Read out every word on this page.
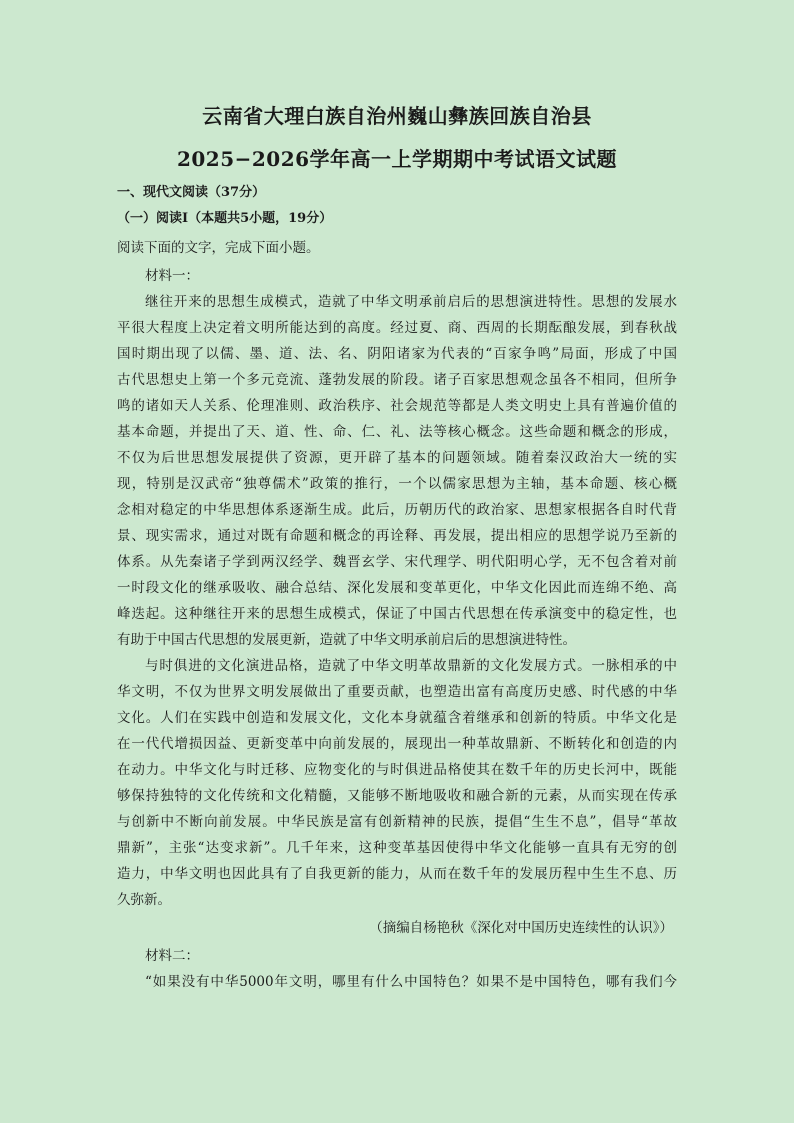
云南省大理白族自治州巍山彝族回族自治县
2025−2026学年高一上学期期中考试语文试题
一、现代文阅读（37分）
（一）阅读Ⅰ（本题共5小题，19分）
阅读下面的文字，完成下面小题。
材料一：
继往开来的思想生成模式，造就了中华文明承前启后的思想演进特性。思想的发展水
平很大程度上决定着文明所能达到的高度。经过夏、商、西周的长期酝酿发展，到春秋战
国时期出现了以儒、墨、道、法、名、阴阳诸家为代表的“百家争鸣”局面，形成了中国
古代思想史上第一个多元竞流、蓬勃发展的阶段。诸子百家思想观念虽各不相同，但所争
鸣的诸如天人关系、伦理准则、政治秩序、社会规范等都是人类文明史上具有普遍价值的
基本命题，并提出了天、道、性、命、仁、礼、法等核心概念。这些命题和概念的形成，
不仅为后世思想发展提供了资源，更开辟了基本的问题领域。随着秦汉政治大一统的实
现，特别是汉武帝“独尊儒术”政策的推行，一个以儒家思想为主轴，基本命题、核心概
念相对稳定的中华思想体系逐渐生成。此后，历朝历代的政治家、思想家根据各自时代背
景、现实需求，通过对既有命题和概念的再诠释、再发展，提出相应的思想学说乃至新的
体系。从先秦诸子学到两汉经学、魏晋玄学、宋代理学、明代阳明心学，无不包含着对前
一时段文化的继承吸收、融合总结、深化发展和变革更化，中华文化因此而连绵不绝、高
峰迭起。这种继往开来的思想生成模式，保证了中国古代思想在传承演变中的稳定性，也
有助于中国古代思想的发展更新，造就了中华文明承前启后的思想演进特性。
与时俱进的文化演进品格，造就了中华文明革故鼎新的文化发展方式。一脉相承的中
华文明，不仅为世界文明发展做出了重要贡献，也塑造出富有高度历史感、时代感的中华
文化。人们在实践中创造和发展文化，文化本身就蕴含着继承和创新的特质。中华文化是
在一代代增损因益、更新变革中向前发展的，展现出一种革故鼎新、不断转化和创造的内
在动力。中华文化与时迁移、应物变化的与时俱进品格使其在数千年的历史长河中，既能
够保持独特的文化传统和文化精髓，又能够不断地吸收和融合新的元素，从而实现在传承
与创新中不断向前发展。中华民族是富有创新精神的民族，提倡“生生不息”，倡导“革故
鼎新”，主张“达变求新”。几千年来，这种变革基因使得中华文化能够一直具有无穷的创
造力，中华文明也因此具有了自我更新的能力，从而在数千年的发展历程中生生不息、历
久弥新。
（摘编自杨艳秋《深化对中国历史连续性的认识》）
材料二：
“如果没有中华5000年文明，哪里有什么中国特色？如果不是中国特色，哪有我们今
